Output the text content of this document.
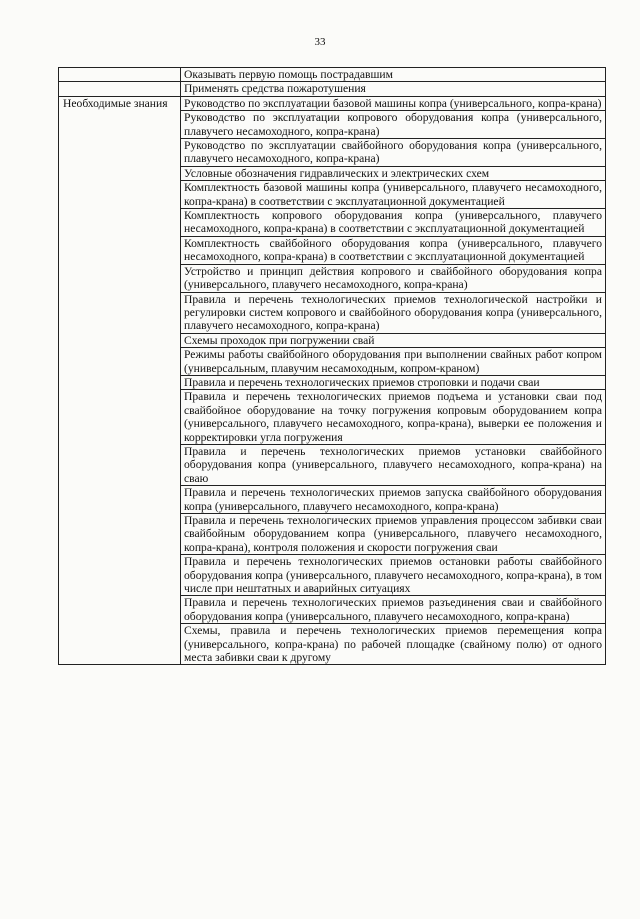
33
	Оказывать первую помощь пострадавшим
	Применять средства пожаротушения
Необходимые знания	Руководство по эксплуатации базовой машины копра (универсального, копра-крана)
	Руководство по эксплуатации копрового оборудования копра (универсального, плавучего несамоходного, копра-крана)
	Руководство по эксплуатации свайбойного оборудования копра (универсального, плавучего несамоходного, копра-крана)
	Условные обозначения гидравлических и электрических схем
	Комплектность базовой машины копра (универсального, плавучего несамоходного, копра-крана) в соответствии с эксплуатационной документацией
	Комплектность копрового оборудования копра (универсального, плавучего несамоходного, копра-крана) в соответствии с эксплуатационной документацией
	Комплектность свайбойного оборудования копра (универсального, плавучего несамоходного, копра-крана) в соответствии с эксплуатационной документацией
	Устройство и принцип действия копрового и свайбойного оборудования копра (универсального, плавучего несамоходного, копра-крана)
	Правила и перечень технологических приемов технологической настройки и регулировки систем копрового и свайбойного оборудования копра (универсального, плавучего несамоходного, копра-крана)
	Схемы проходок при погружении свай
	Режимы работы свайбойного оборудования при выполнении свайных работ копром (универсальным, плавучим несамоходным, копром-краном)
	Правила и перечень технологических приемов строповки и подачи сваи
	Правила и перечень технологических приемов подъема и установки сваи под свайбойное оборудование на точку погружения копровым оборудованием копра (универсального, плавучего несамоходного, копра-крана), выверки ее положения и корректировки угла погружения
	Правила и перечень технологических приемов установки свайбойного оборудования копра (универсального, плавучего несамоходного, копра-крана) на сваю
	Правила и перечень технологических приемов запуска свайбойного оборудования копра (универсального, плавучего несамоходного, копра-крана)
	Правила и перечень технологических приемов управления процессом забивки сваи свайбойным оборудованием копра (универсального, плавучего несамоходного, копра-крана), контроля положения и скорости погружения сваи
	Правила и перечень технологических приемов остановки работы свайбойного оборудования копра (универсального, плавучего несамоходного, копра-крана), в том числе при нештатных и аварийных ситуациях
	Правила и перечень технологических приемов разъединения сваи и свайбойного оборудования копра (универсального, плавучего несамоходного, копра-крана)
	Схемы, правила и перечень технологических приемов перемещения копра (универсального, копра-крана) по рабочей площадке (свайному полю) от одного места забивки сваи к другому
